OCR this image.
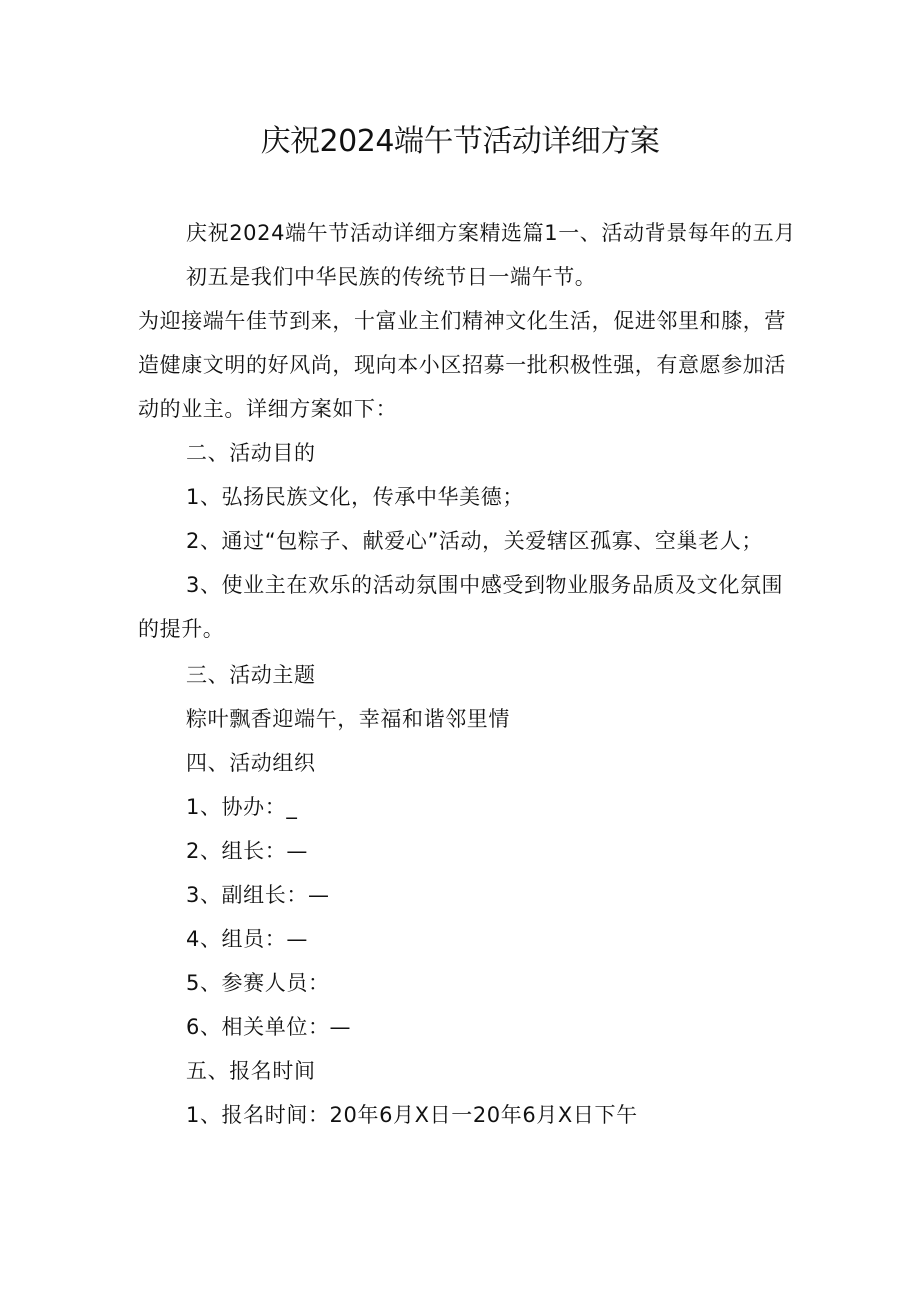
庆祝2024端午节活动详细方案
庆祝2024端午节活动详细方案精选篇1一、活动背景每年的五月
初五是我们中华民族的传统节日一端午节。
为迎接端午佳节到来，十富业主们精神文化生活，促进邻里和膝，营
造健康文明的好风尚，现向本小区招募一批积极性强，有意愿参加活
动的业主。详细方案如下：
二、活动目的
1、弘扬民族文化，传承中华美德；
2、通过“包粽子、献爱心”活动，关爱辖区孤寡、空巢老人；
3、使业主在欢乐的活动氛围中感受到物业服务品质及文化氛围
的提升。
三、活动主题
粽叶飘香迎端午，幸福和谐邻里情
四、活动组织
1、协办：_
2、组长：—
3、副组长：—
4、组员：—
5、参赛人员：
6、相关单位：—
五、报名时间
1、报名时间：20年6月X日一20年6月X日下午
